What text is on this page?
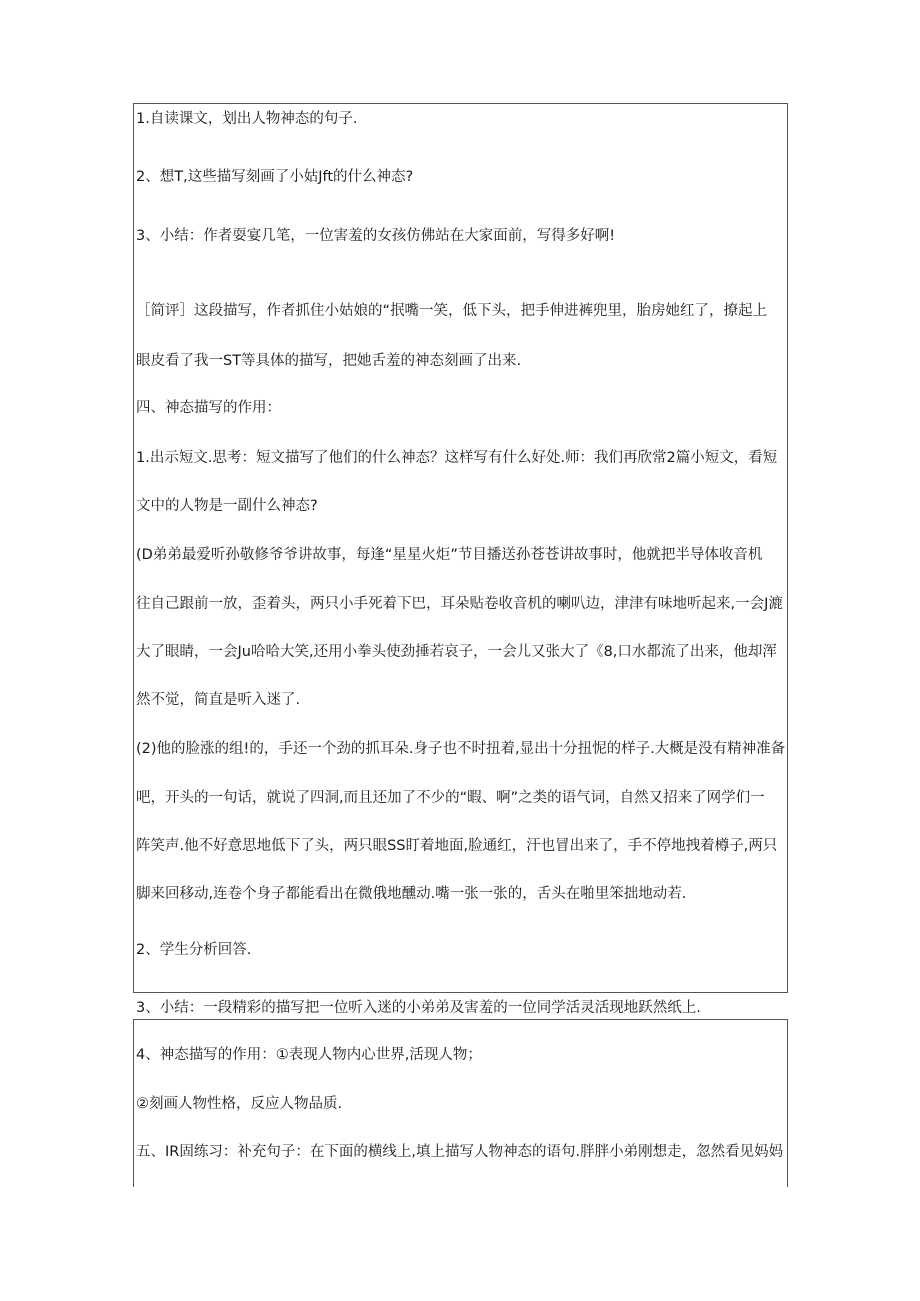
1.自读课文，划出人物神态的句子.
2、想T,这些描写刻画了小姑Jft的什么神态?
3、小结：作者耍宴几笔，一位害羞的女孩仿佛站在大家面前，写得多好啊!
［简评］这段描写，作者抓住小姑娘的“抿嘴一笑，低下头，把手伸进裤兜里，胎房她红了，撩起上
眼皮看了我一ST等具体的描写，把她舌羞的神态刻画了出来.
四、神态描写的作用：
1.出示短文.思考：短文描写了他们的什么神态？这样写有什么好处.师：我们再欣常2篇小短文，看短
文中的人物是一副什么神态?
(D弟弟最爱听孙敬修爷爷讲故事，每逢“星星火炬”节目播送孙苍苍讲故事时，他就把半导体收音机
往自己跟前一放，歪着头，两只小手死着下巴，耳朵贴卷收音机的喇叭边，津津有味地听起来,一会J漉
大了眼睛，一会Ju哈哈大笑,还用小拳头使劲捶若哀子，一会儿又张大了《8,口水都流了出来，他却浑
然不觉，简直是听入迷了.
(2)他的脸涨的组!的，手还一个劲的抓耳朵.身子也不时扭着,显出十分扭怩的样子.大概是没有精神准备
吧，开头的一句话，就说了四洞,而且还加了不少的“暇、啊”之类的语气词，自然又招来了网学们一
阵笑声.他不好意思地低下了头，两只眼SS盯着地面,脸通红，汗也冒出来了，手不停地拽着樽子,两只
脚来回移动,连卷个身子都能看出在微俄地醺动.嘴一张一张的，舌头在啪里笨拙地动若.
2、学生分析回答.
3、小结：一段精彩的描写把一位听入迷的小弟弟及害羞的一位同学活灵活现地跃然纸上.
4、神态描写的作用：①表现人物内心世界,活现人物；
②刻画人物性格，反应人物品质.
五、IR固练习：补充句子：在下面的横线上,填上描写人物神态的语句.胖胖小弟刚想走，忽然看见妈妈
